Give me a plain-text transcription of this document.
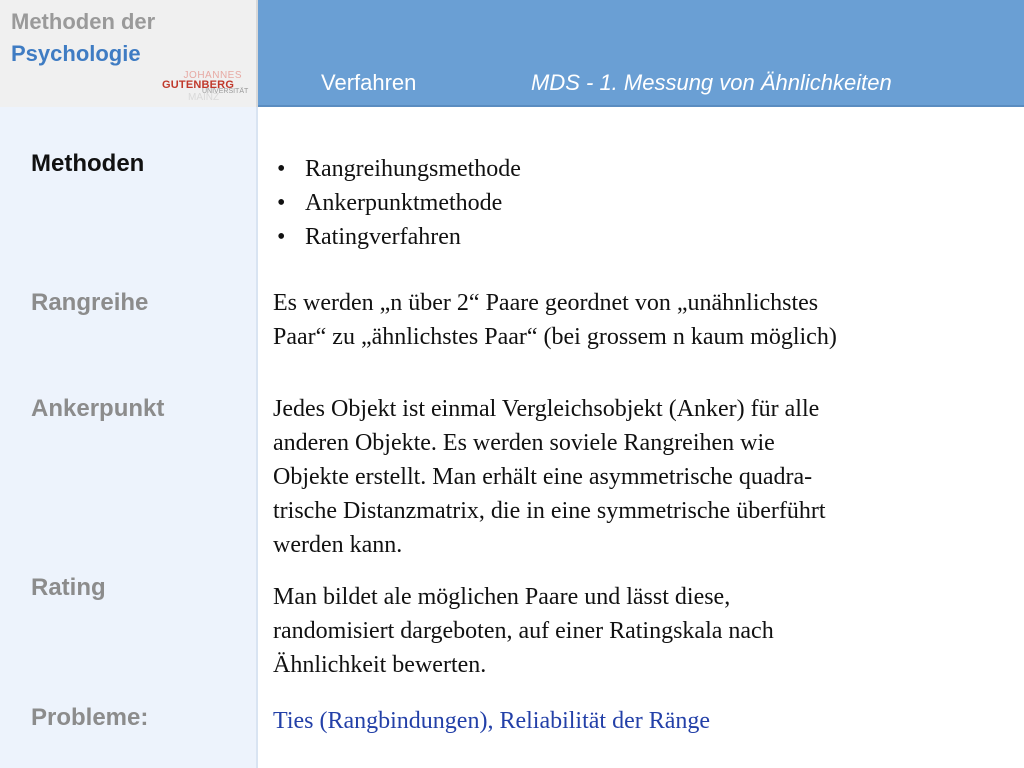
Methoden der
Psychologie
JOHANNES
GUTENBERG
UNIVERSITÄT
MAINZ
Verfahren	MDS - 1. Messung von Ähnlichkeiten
Methoden
Rangreihe
Ankerpunkt
Rating
Probleme:
• Rangreihungsmethode
• Ankerpunktmethode
• Ratingverfahren
Es werden „n über 2“ Paare geordnet von „unähnlichstes
Paar“ zu „ähnlichstes Paar“ (bei grossem n kaum möglich)
Jedes Objekt ist einmal Vergleichsobjekt (Anker) für alle
anderen Objekte. Es werden soviele Rangreihen wie
Objekte erstellt. Man erhält eine asymmetrische quadra-
trische Distanzmatrix, die in eine symmetrische überführt
werden kann.
Man bildet ale möglichen Paare und lässt diese,
randomisiert dargeboten, auf einer Ratingskala nach
Ähnlichkeit bewerten.
Ties (Rangbindungen), Reliabilität der Ränge
